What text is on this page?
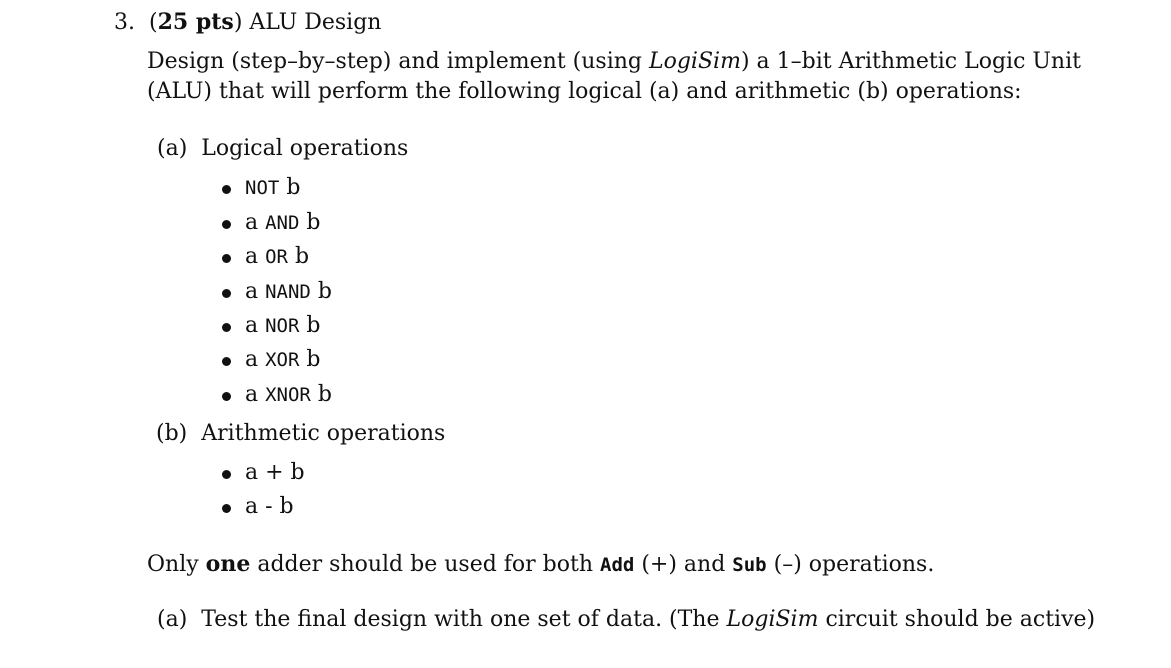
3. (25 pts) ALU Design
Design (step–by–step) and implement (using LogiSim) a 1–bit Arithmetic Logic Unit
(ALU) that will perform the following logical (a) and arithmetic (b) operations:
(a) Logical operations
NOT b
a AND b
a OR b
a NAND b
a NOR b
a XOR b
a XNOR b
(b) Arithmetic operations
a + b
a - b
Only one adder should be used for both Add (+) and Sub (–) operations.
(a) Test the final design with one set of data. (The LogiSim circuit should be active)
